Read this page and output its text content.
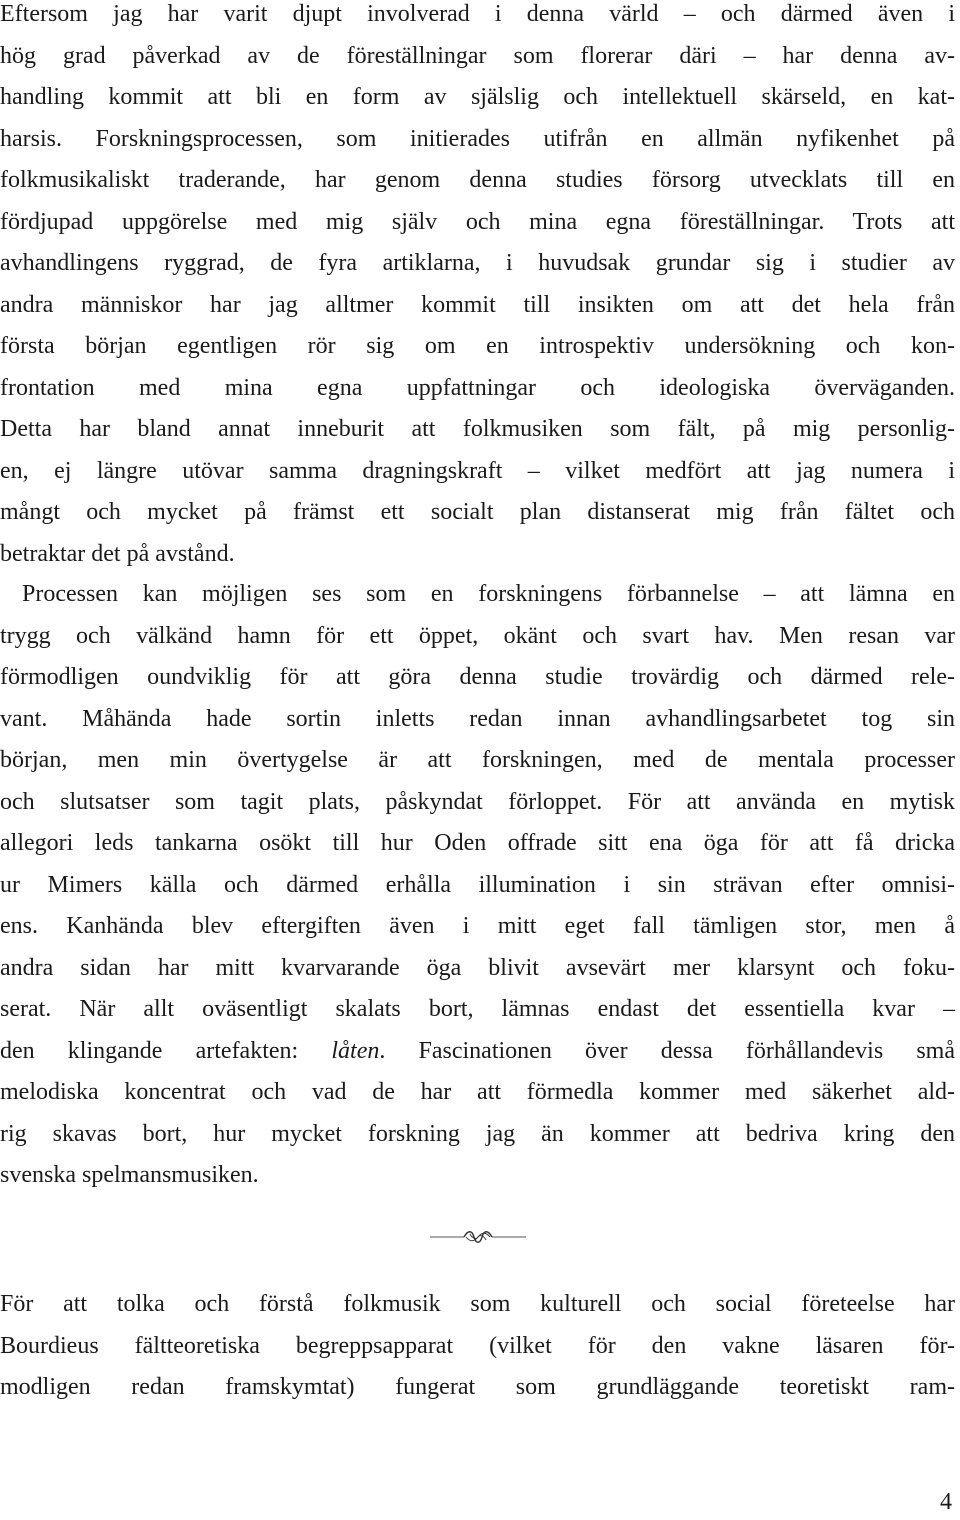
Eftersom jag har varit djupt involverad i denna värld – och därmed även i
hög grad påverkad av de föreställningar som florerar däri – har denna av-
handling kommit att bli en form av själslig och intellektuell skärseld, en kat-
harsis. Forskningsprocessen, som initierades utifrån en allmän nyfikenhet på
folkmusikaliskt traderande, har genom denna studies försorg utvecklats till en
fördjupad uppgörelse med mig själv och mina egna föreställningar. Trots att
avhandlingens ryggrad, de fyra artiklarna, i huvudsak grundar sig i studier av
andra människor har jag alltmer kommit till insikten om att det hela från
första början egentligen rör sig om en introspektiv undersökning och kon-
frontation med mina egna uppfattningar och ideologiska överväganden.
Detta har bland annat inneburit att folkmusiken som fält, på mig personlig-
en, ej längre utövar samma dragningskraft – vilket medfört att jag numera i
mångt och mycket på främst ett socialt plan distanserat mig från fältet och
betraktar det på avstånd.
Processen kan möjligen ses som en forskningens förbannelse – att lämna en
trygg och välkänd hamn för ett öppet, okänt och svart hav. Men resan var
förmodligen oundviklig för att göra denna studie trovärdig och därmed rele-
vant. Måhända hade sortin inletts redan innan avhandlingsarbetet tog sin
början, men min övertygelse är att forskningen, med de mentala processer
och slutsatser som tagit plats, påskyndat förloppet. För att använda en mytisk
allegori leds tankarna osökt till hur Oden offrade sitt ena öga för att få dricka
ur Mimers källa och därmed erhålla illumination i sin strävan efter omnisi-
ens. Kanhända blev eftergiften även i mitt eget fall tämligen stor, men å
andra sidan har mitt kvarvarande öga blivit avsevärt mer klarsynt och foku-
serat. När allt oväsentligt skalats bort, lämnas endast det essentiella kvar –
den klingande artefakten: låten. Fascinationen över dessa förhållandevis små
melodiska koncentrat och vad de har att förmedla kommer med säkerhet ald-
rig skavas bort, hur mycket forskning jag än kommer att bedriva kring den
svenska spelmansmusiken.
För att tolka och förstå folkmusik som kulturell och social företeelse har
Bourdieus fältteoretiska begreppsapparat (vilket för den vakne läsaren för-
modligen redan framskymtat) fungerat som grundläggande teoretiskt ram-
4
